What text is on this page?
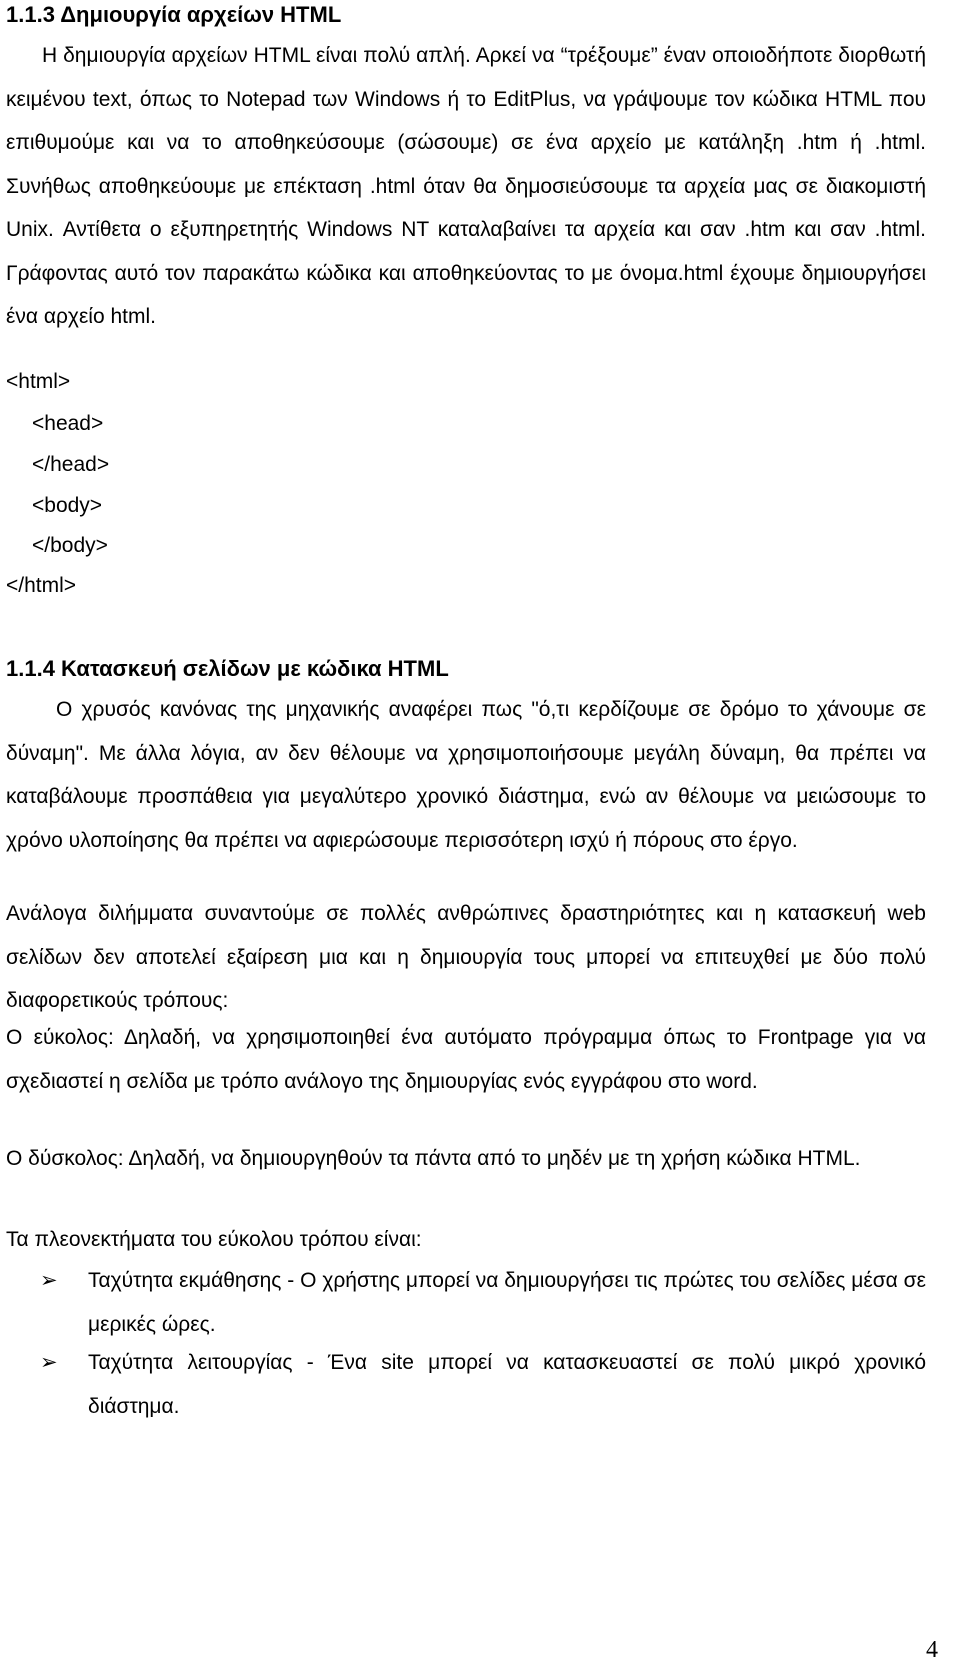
1.1.3 Δημιουργία αρχείων HTML

Η δημιουργία αρχείων HTML είναι πολύ απλή. Αρκεί να “τρέξουμε” έναν οποιοδήποτε διορθωτή κειμένου text, όπως το Notepad των Windows ή το EditPlus, να γράψουμε τον κώδικα HTML που επιθυμούμε και να το αποθηκεύσουμε (σώσουμε) σε ένα αρχείο με κατάληξη .htm ή .html. Συνήθως αποθηκεύουμε με επέκταση .html όταν θα δημοσιεύσουμε τα αρχεία μας σε διακομιστή Unix. Αντίθετα ο εξυπηρετητής Windows NT καταλαβαίνει τα αρχεία και σαν .htm και σαν .html. Γράφοντας αυτό τον παρακάτω κώδικα και αποθηκεύοντας το με όνομα.html έχουμε δημιουργήσει ένα αρχείο html.

<html>
<head>
</head>
<body>
</body>
</html>
1.1.4 Κατασκευή σελίδων με κώδικα HTML

Ο χρυσός κανόνας της μηχανικής αναφέρει πως "ό,τι κερδίζουμε σε δρόμο το χάνουμε σε δύναμη". Με άλλα λόγια, αν δεν θέλουμε να χρησιμοποιήσουμε μεγάλη δύναμη, θα πρέπει να καταβάλουμε προσπάθεια για μεγαλύτερο χρονικό διάστημα, ενώ αν θέλουμε να μειώσουμε το χρόνο υλοποίησης θα πρέπει να αφιερώσουμε περισσότερη ισχύ ή πόρους στο έργο.

Ανάλογα διλήμματα συναντούμε σε πολλές ανθρώπινες δραστηριότητες και η κατασκευή web σελίδων δεν αποτελεί εξαίρεση μια και η δημιουργία τους μπορεί να επιτευχθεί με δύο πολύ διαφορετικούς τρόπους:

Ο εύκολος: Δηλαδή, να χρησιμοποιηθεί ένα αυτόματο πρόγραμμα όπως το Frontpage για να σχεδιαστεί η σελίδα με τρόπο ανάλογο της δημιουργίας ενός εγγράφου στο word.

Ο δύσκολος: Δηλαδή, να δημιουργηθούν τα πάντα από το μηδέν με τη χρήση κώδικα HTML.

Τα πλεονεκτήματα του εύκολου τρόπου είναι:

➢ Ταχύτητα εκμάθησης - Ο χρήστης μπορεί να δημιουργήσει τις πρώτες του σελίδες μέσα σε μερικές ώρες.
➢ Ταχύτητα λειτουργίας - Ένα site μπορεί να κατασκευαστεί σε πολύ μικρό χρονικό διάστημα.
4
